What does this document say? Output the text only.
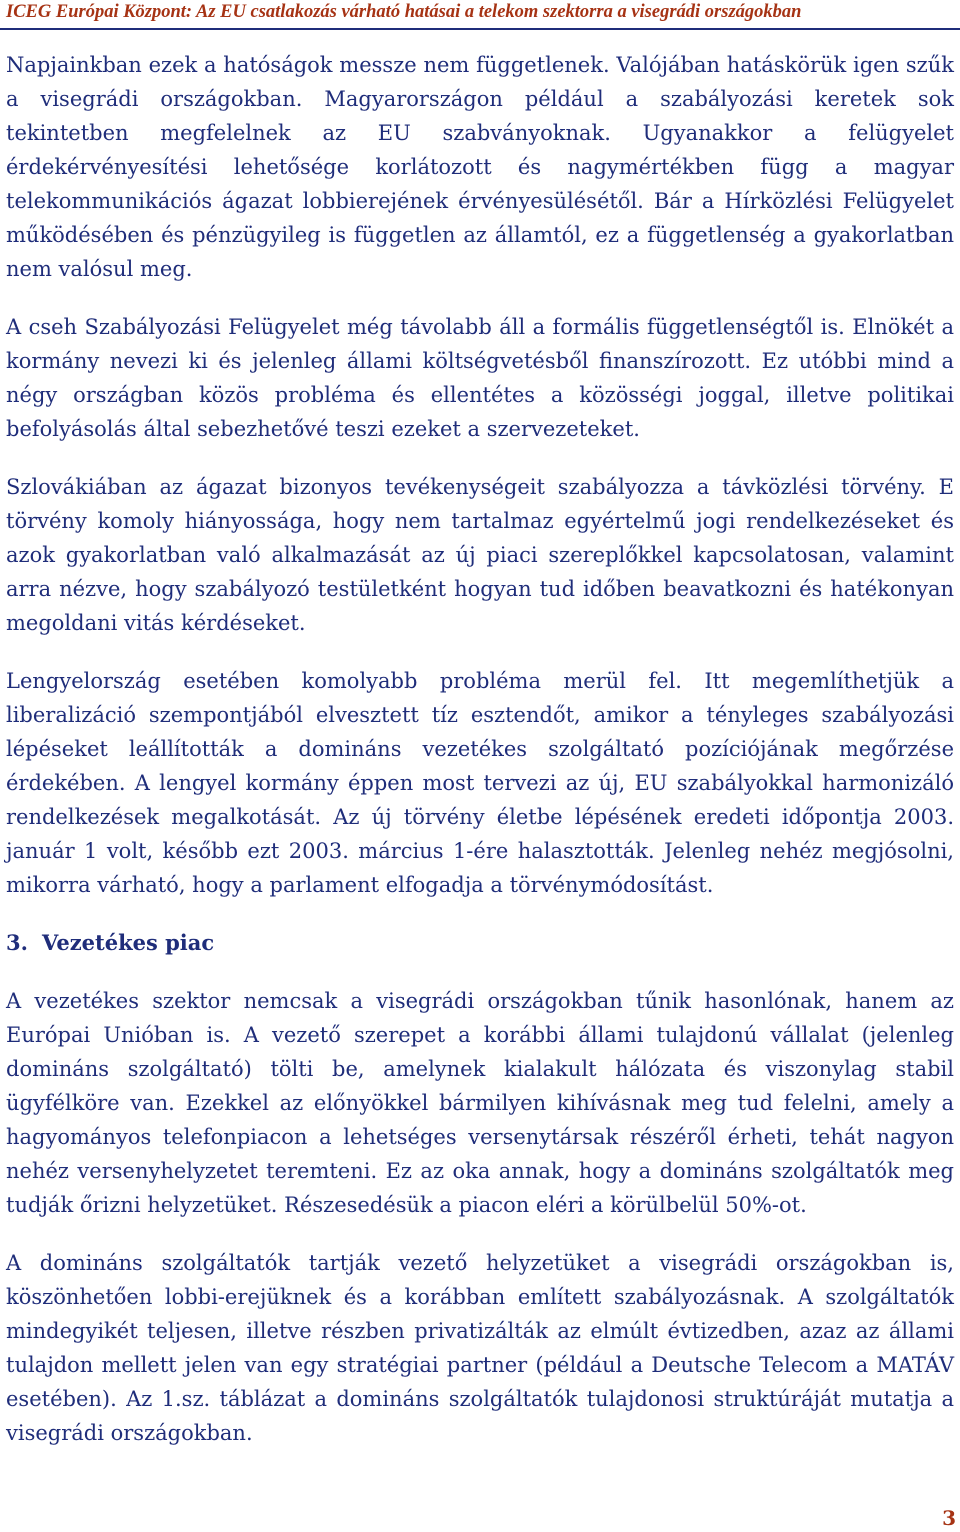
ICEG Európai Központ: Az EU csatlakozás várható hatásai a telekom szektorra a visegrádi országokban

Napjainkban ezek a hatóságok messze nem függetlenek. Valójában hatáskörük igen szűk a visegrádi országokban. Magyarországon például a szabályozási keretek sok tekintetben megfelelnek az EU szabványoknak. Ugyanakkor a felügyelet érdekérvényesítési lehetősége korlátozott és nagymértékben függ a magyar telekommunikációs ágazat lobbierejének érvényesülésétől. Bár a Hírközlési Felügyelet működésében és pénzügyileg is független az államtól, ez a függetlenség a gyakorlatban nem valósul meg.

A cseh Szabályozási Felügyelet még távolabb áll a formális függetlenségtől is. Elnökét a kormány nevezi ki és jelenleg állami költségvetésből finanszírozott. Ez utóbbi mind a négy országban közös probléma és ellentétes a közösségi joggal, illetve politikai befolyásolás által sebezhetővé teszi ezeket a szervezeteket.

Szlovákiában az ágazat bizonyos tevékenységeit szabályozza a távközlési törvény. E törvény komoly hiányossága, hogy nem tartalmaz egyértelmű jogi rendelkezéseket és azok gyakorlatban való alkalmazását az új piaci szereplőkkel kapcsolatosan, valamint arra nézve, hogy szabályozó testületként hogyan tud időben beavatkozni és hatékonyan megoldani vitás kérdéseket.

Lengyelország esetében komolyabb probléma merül fel. Itt megemlíthetjük a liberalizáció szempontjából elvesztett tíz esztendőt, amikor a tényleges szabályozási lépéseket leállították a domináns vezetékes szolgáltató pozíciójának megőrzése érdekében. A lengyel kormány éppen most tervezi az új, EU szabályokkal harmonizáló rendelkezések megalkotását. Az új törvény életbe lépésének eredeti időpontja 2003. január 1 volt, később ezt 2003. március 1-ére halasztották. Jelenleg nehéz megjósolni, mikorra várható, hogy a parlament elfogadja a törvénymódosítást.

3. Vezetékes piac

A vezetékes szektor nemcsak a visegrádi országokban tűnik hasonlónak, hanem az Európai Unióban is. A vezető szerepet a korábbi állami tulajdonú vállalat (jelenleg domináns szolgáltató) tölti be, amelynek kialakult hálózata és viszonylag stabil ügyfélköre van. Ezekkel az előnyökkel bármilyen kihívásnak meg tud felelni, amely a hagyományos telefonpiacon a lehetséges versenytársak részéről érheti, tehát nagyon nehéz versenyhelyzetet teremteni. Ez az oka annak, hogy a domináns szolgáltatók meg tudják őrizni helyzetüket. Részesedésük a piacon eléri a körülbelül 50%-ot.

A domináns szolgáltatók tartják vezető helyzetüket a visegrádi országokban is, köszönhetően lobbi-erejüknek és a korábban említett szabályozásnak. A szolgáltatók mindegyikét teljesen, illetve részben privatizálták az elmúlt évtizedben, azaz az állami tulajdon mellett jelen van egy stratégiai partner (például a Deutsche Telecom a MATÁV esetében). Az 1.sz. táblázat a domináns szolgáltatók tulajdonosi struktúráját mutatja a visegrádi országokban.

3
